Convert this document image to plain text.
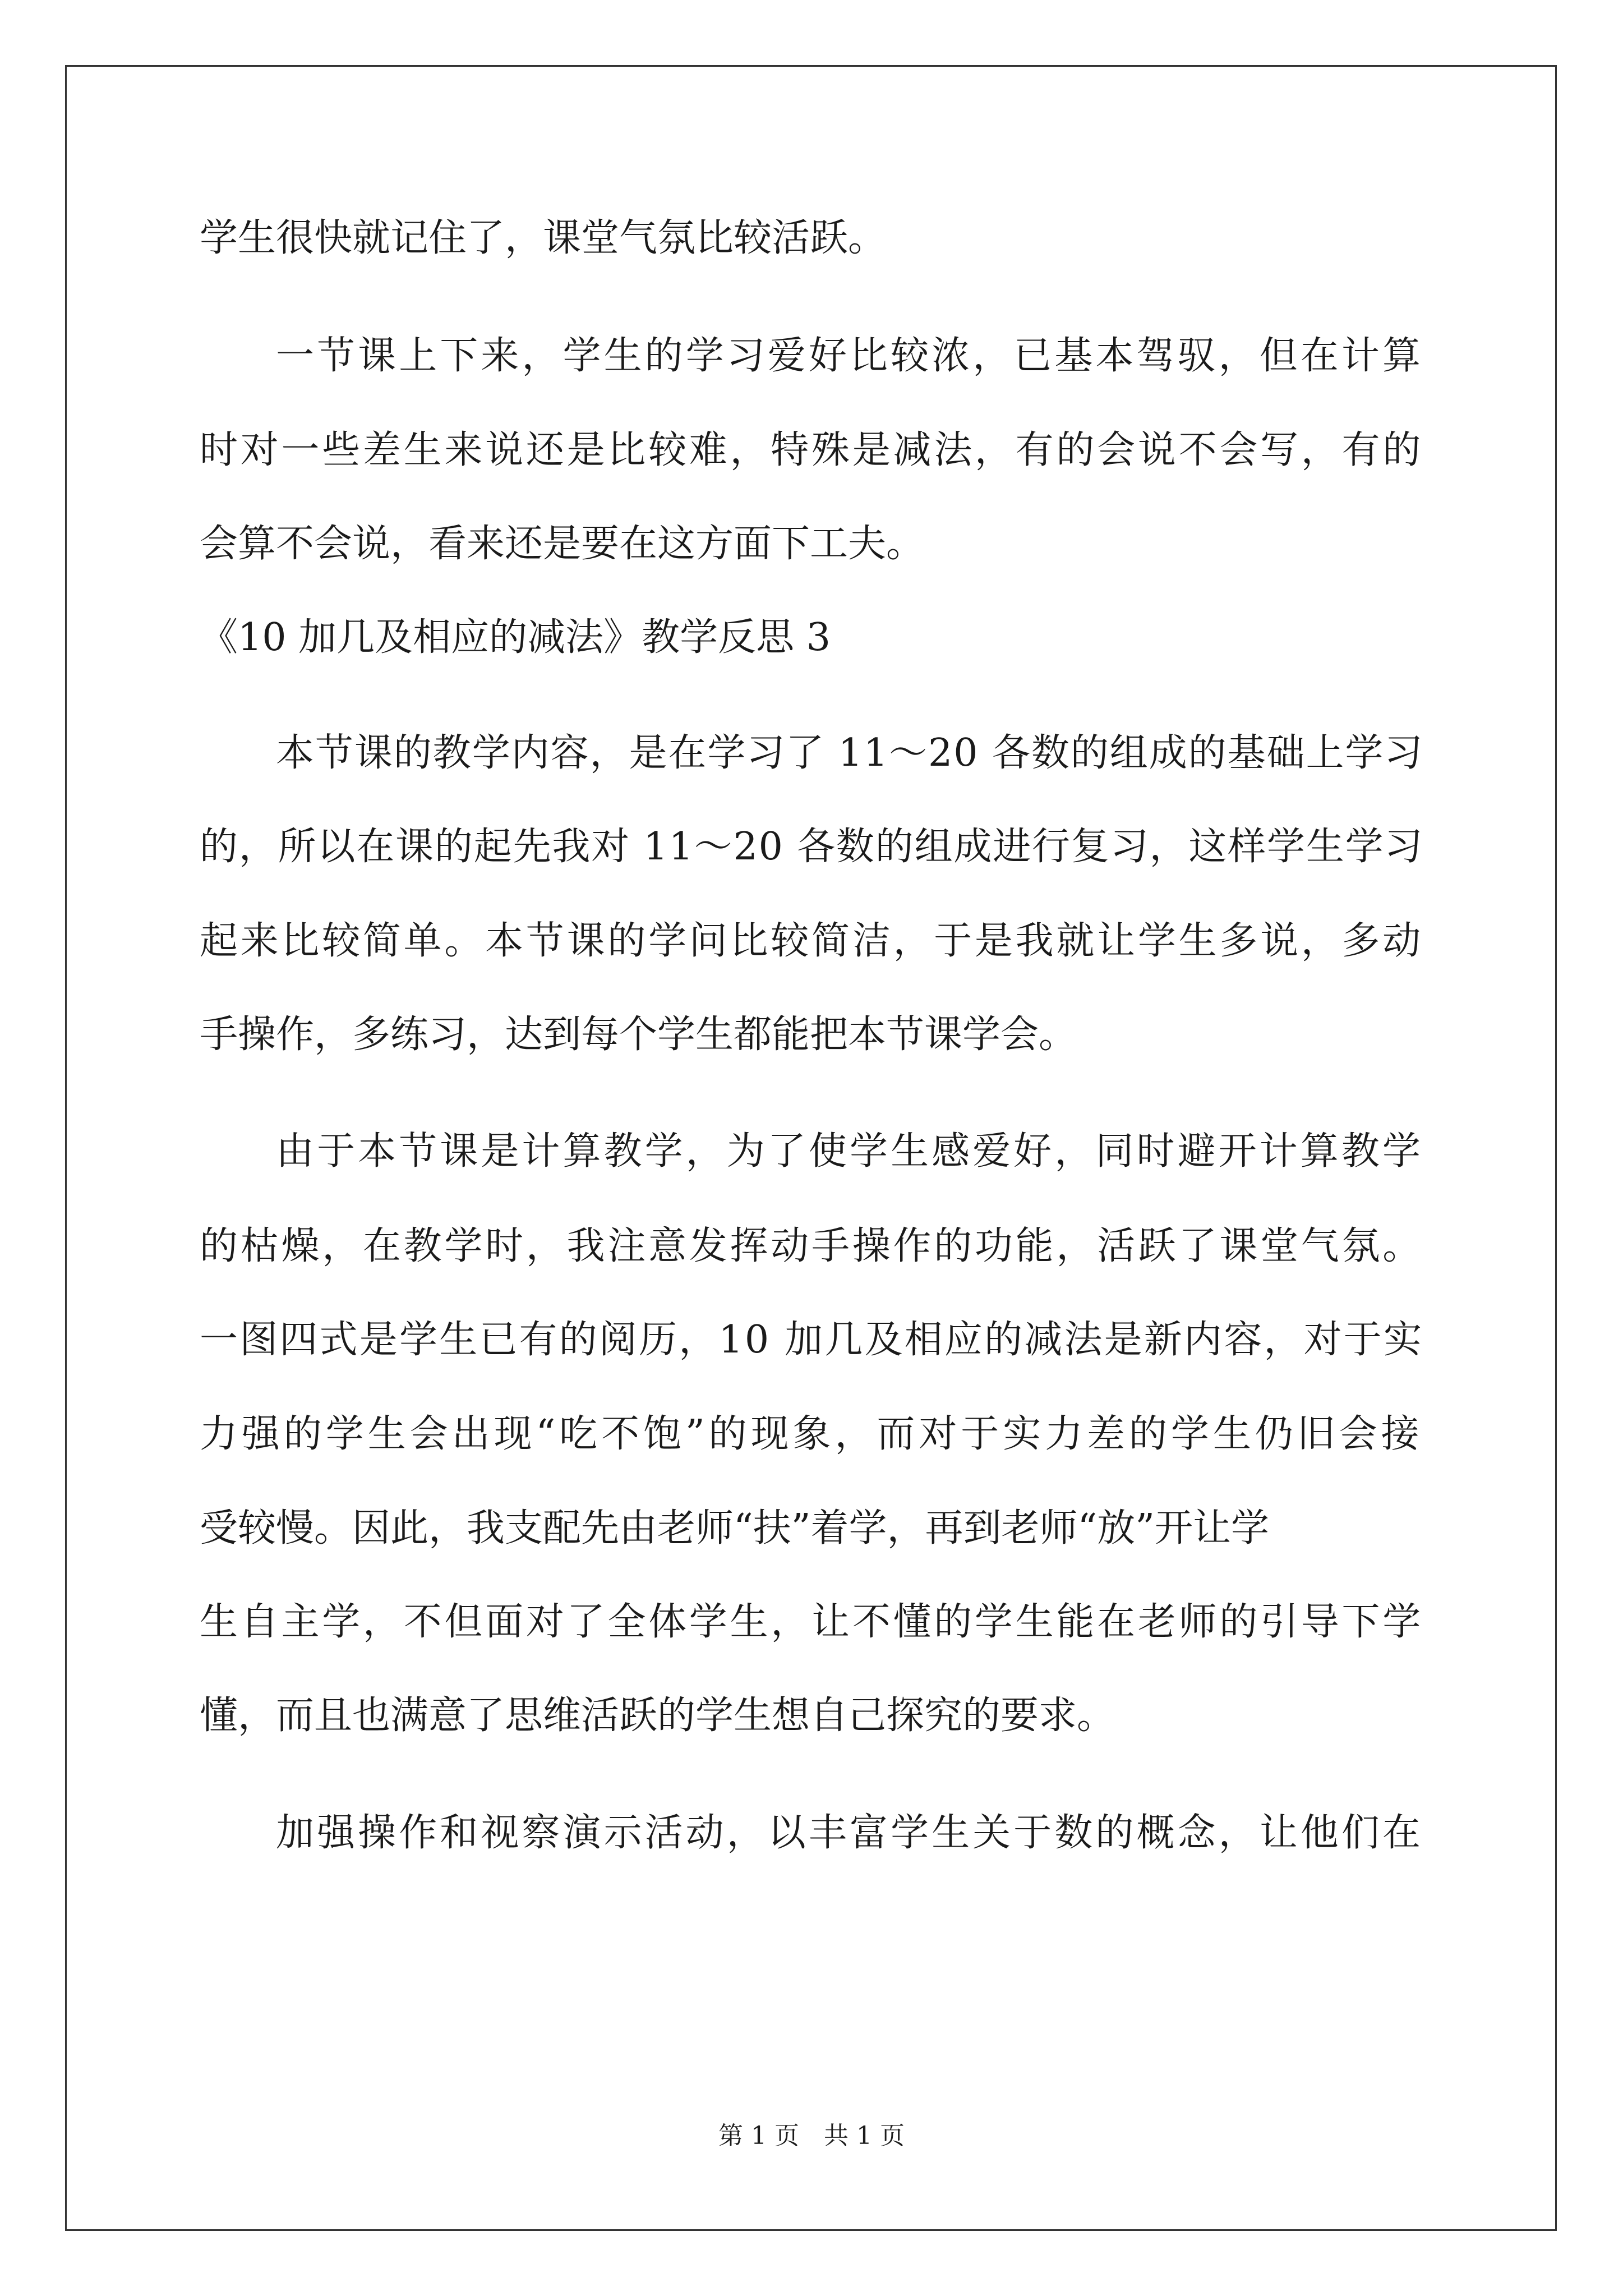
学生很快就记住了，课堂气氛比较活跃。
一节课上下来，学生的学习爱好比较浓，已基本驾驭，但在计算
时对一些差生来说还是比较难，特殊是减法，有的会说不会写，有的
会算不会说，看来还是要在这方面下工夫。
《10 加几及相应的减法》教学反思 3
本节课的教学内容，是在学习了 11～20 各数的组成的基础上学习
的，所以在课的起先我对 11～20 各数的组成进行复习，这样学生学习
起来比较简单。本节课的学问比较简洁，于是我就让学生多说，多动
手操作，多练习，达到每个学生都能把本节课学会。
由于本节课是计算教学，为了使学生感爱好，同时避开计算教学
的枯燥，在教学时，我注意发挥动手操作的功能，活跃了课堂气氛。
一图四式是学生已有的阅历，10 加几及相应的减法是新内容，对于实
力强的学生会出现“吃不饱”的现象，而对于实力差的学生仍旧会接
受较慢。因此，我支配先由老师“扶”着学，再到老师“放”开让学
生自主学，不但面对了全体学生，让不懂的学生能在老师的引导下学
懂，而且也满意了思维活跃的学生想自己探究的要求。
加强操作和视察演示活动，以丰富学生关于数的概念，让他们在
第 1 页　共 1 页
